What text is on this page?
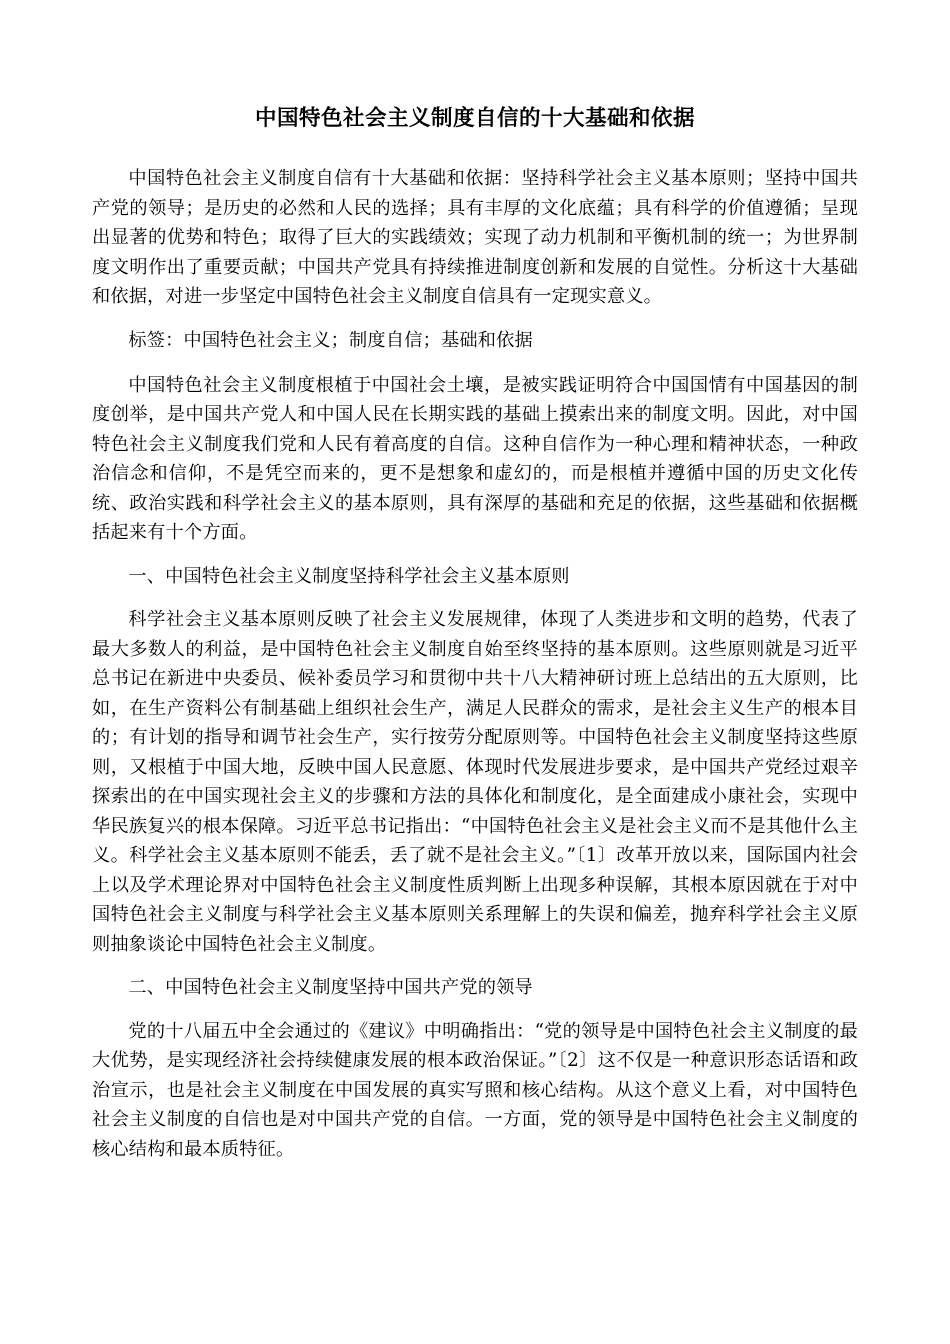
中国特色社会主义制度自信的十大基础和依据

中国特色社会主义制度自信有十大基础和依据：坚持科学社会主义基本原则；坚持中国共产党的领导；是历史的必然和人民的选择；具有丰厚的文化底蕴；具有科学的价值遵循；呈现出显著的优势和特色；取得了巨大的实践绩效；实现了动力机制和平衡机制的统一；为世界制度文明作出了重要贡献；中国共产党具有持续推进制度创新和发展的自觉性。分析这十大基础和依据，对进一步坚定中国特色社会主义制度自信具有一定现实意义。

标签：中国特色社会主义；制度自信；基础和依据

中国特色社会主义制度根植于中国社会土壤，是被实践证明符合中国国情有中国基因的制度创举，是中国共产党人和中国人民在长期实践的基础上摸索出来的制度文明。因此，对中国特色社会主义制度我们党和人民有着高度的自信。这种自信作为一种心理和精神状态，一种政治信念和信仰，不是凭空而来的，更不是想象和虚幻的，而是根植并遵循中国的历史文化传统、政治实践和科学社会主义的基本原则，具有深厚的基础和充足的依据，这些基础和依据概括起来有十个方面。

一、中国特色社会主义制度坚持科学社会主义基本原则

科学社会主义基本原则反映了社会主义发展规律，体现了人类进步和文明的趋势，代表了最大多数人的利益，是中国特色社会主义制度自始至终坚持的基本原则。这些原则就是习近平总书记在新进中央委员、候补委员学习和贯彻中共十八大精神研讨班上总结出的五大原则，比如，在生产资料公有制基础上组织社会生产，满足人民群众的需求，是社会主义生产的根本目的；有计划的指导和调节社会生产，实行按劳分配原则等。中国特色社会主义制度坚持这些原则，又根植于中国大地，反映中国人民意愿、体现时代发展进步要求，是中国共产党经过艰辛探索出的在中国实现社会主义的步骤和方法的具体化和制度化，是全面建成小康社会，实现中华民族复兴的根本保障。习近平总书记指出：“中国特色社会主义是社会主义而不是其他什么主义。科学社会主义基本原则不能丢，丢了就不是社会主义。”〔1〕改革开放以来，国际国内社会上以及学术理论界对中国特色社会主义制度性质判断上出现多种误解，其根本原因就在于对中国特色社会主义制度与科学社会主义基本原则关系理解上的失误和偏差，抛弃科学社会主义原则抽象谈论中国特色社会主义制度。

二、中国特色社会主义制度坚持中国共产党的领导

党的十八届五中全会通过的《建议》中明确指出：“党的领导是中国特色社会主义制度的最大优势，是实现经济社会持续健康发展的根本政治保证。”〔2〕这不仅是一种意识形态话语和政治宣示，也是社会主义制度在中国发展的真实写照和核心结构。从这个意义上看，对中国特色社会主义制度的自信也是对中国共产党的自信。一方面，党的领导是中国特色社会主义制度的核心结构和最本质特征。
